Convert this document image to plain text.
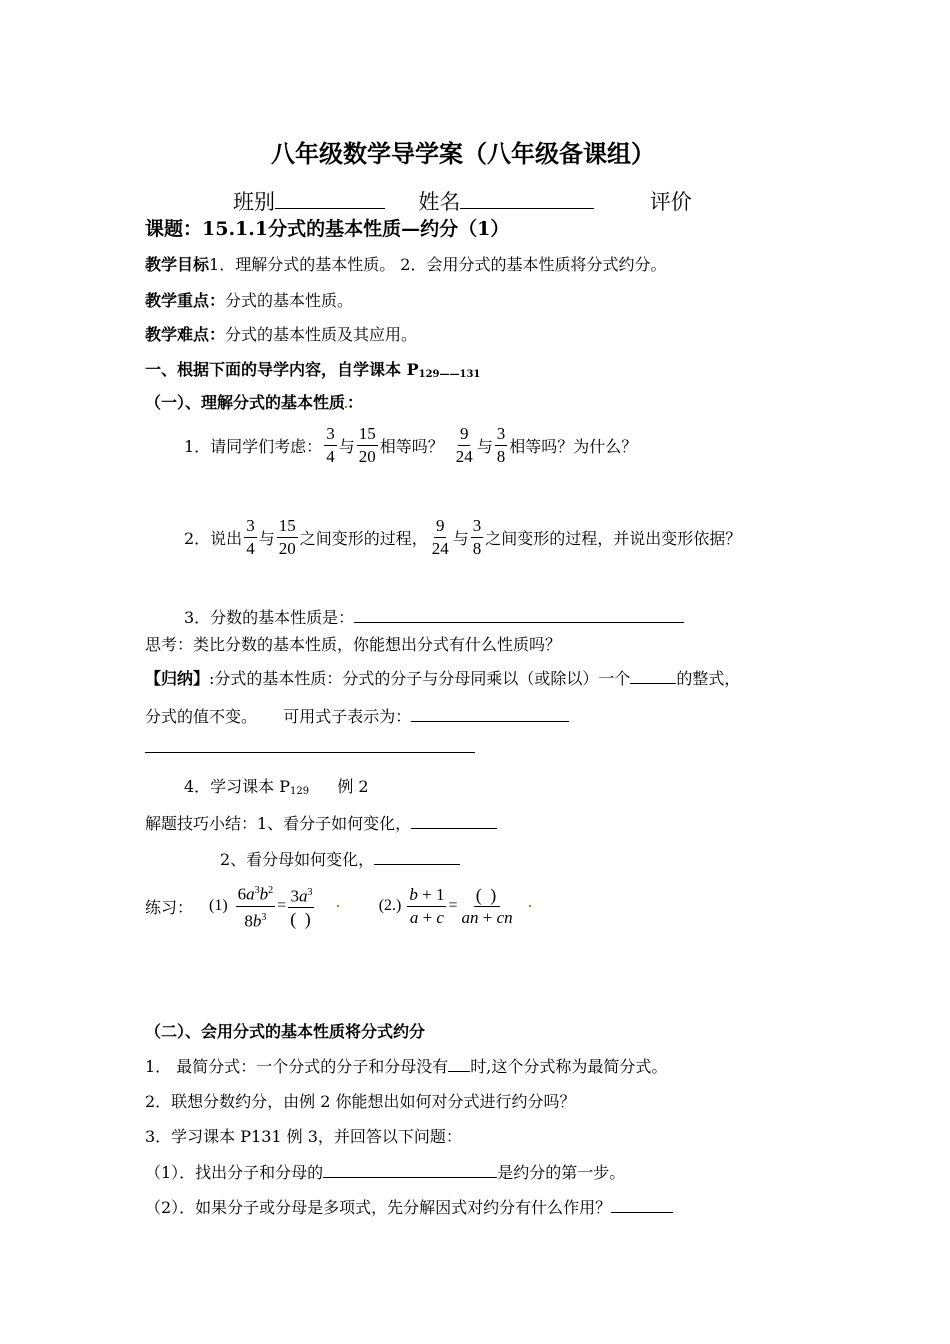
八年级数学导学案（八年级备课组）
班别	姓名	评价
课题：15.1.1分式的基本性质—约分（1）
教学目标1．理解分式的基本性质。 2．会用分式的基本性质将分式约分。
教学重点：分式的基本性质。
教学难点：分式的基本性质及其应用。
一、根据下面的导学内容，自学课本 $P_{129——131}$
（一）、理解分式的基本性质 ：
1．请同学们考虑： $\frac{3}{4}$ 与 $\frac{15}{20}$ 相等吗？ $\frac{9}{24}$ 与 $\frac{3}{8}$ 相等吗？为什么？
2．说出 $\frac{3}{4}$ 与 $\frac{15}{20}$ 之间变形的过程， $\frac{9}{24}$ 与 $\frac{3}{8}$ 之间变形的过程，并说出变形依据？
3．分数的基本性质是：
思考：类比分数的基本性质，你能想出分式有什么性质吗？
【归纳】:分式的基本性质：分式的分子与分母同乘以（或除以）一个	的整式，
分式的值不变。 可用式子表示为：
4．学习课本 $P_{129}$ 例 2
解题技巧小结：1、看分子如何变化，
2、看分母如何变化，
练习： $(1) \frac{6a^3b^2}{8b^3} = \frac{3a^3}{( )}$	$(2.) \frac{b + 1}{a + c} = \frac{( )}{an + cn}$
（二）、会用分式的基本性质将分式约分
1． 最简分式：一个分式的分子和分母没有 时,这个分式称为最简分式。
2．联想分数约分，由例 2 你能想出如何对分式进行约分吗？
3．学习课本 P131 例 3，并回答以下问题：
（1）．找出分子和分母的	是约分的第一步。
（2）．如果分子或分母是多项式，先分解因式对约分有什么作用？
